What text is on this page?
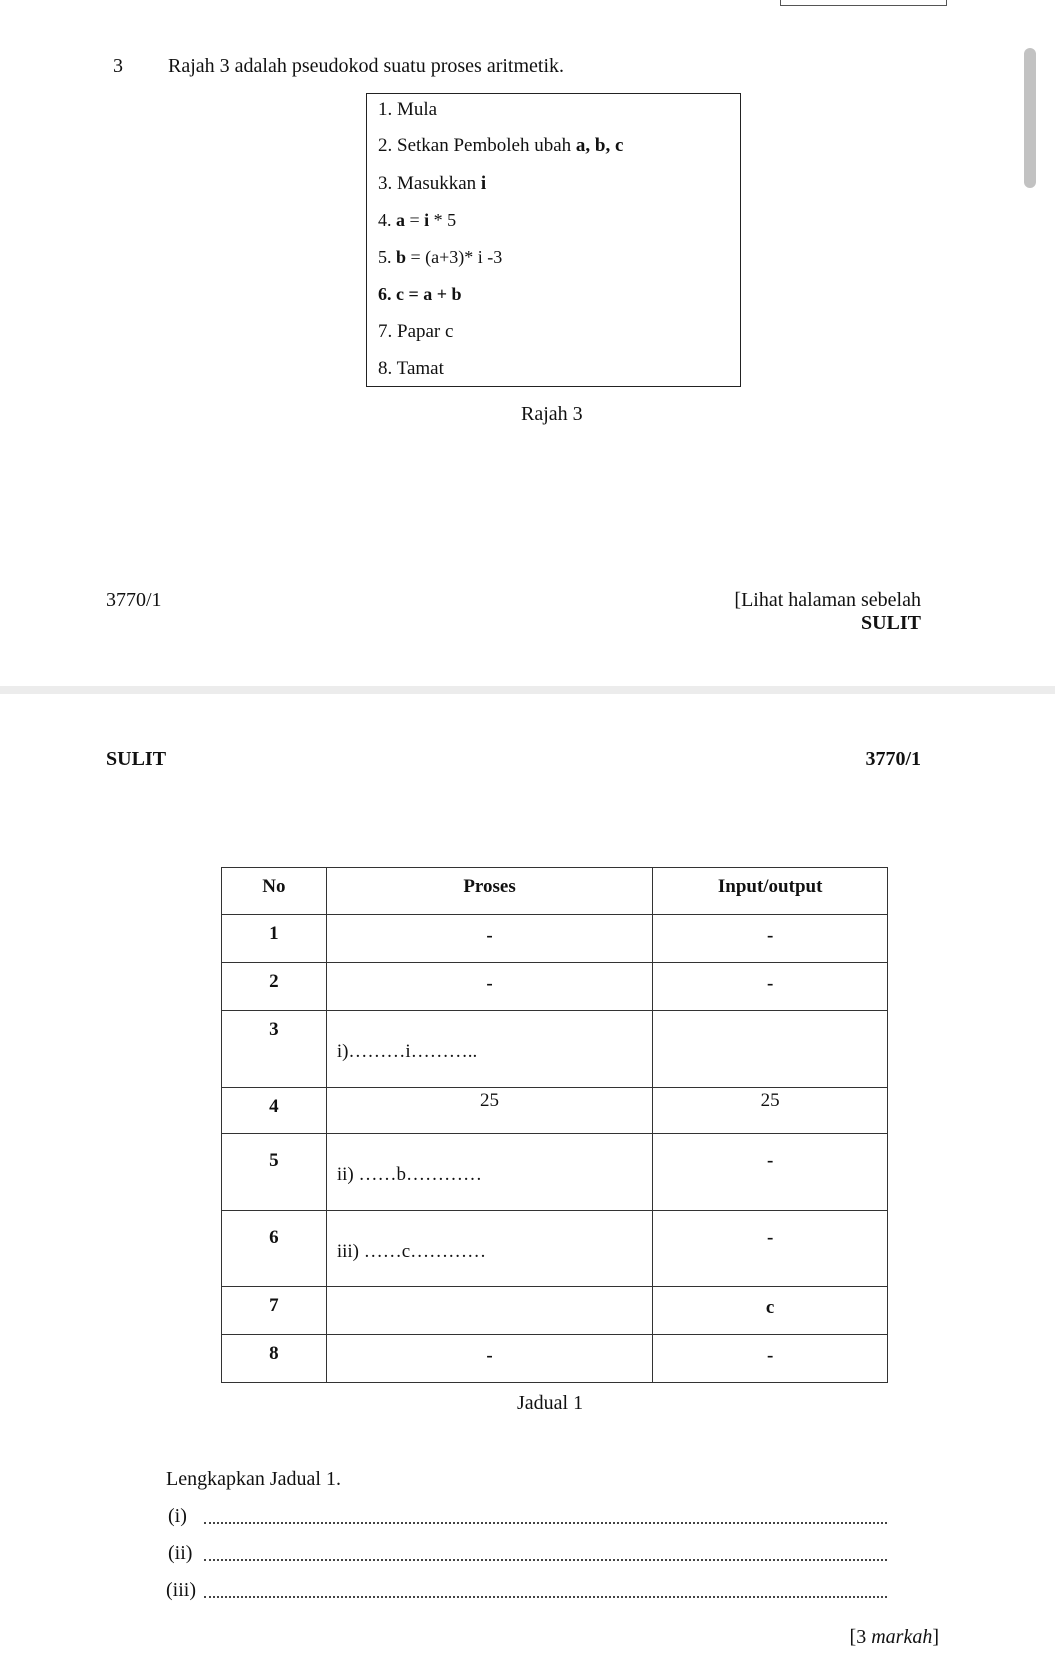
3 Rajah 3 adalah pseudokod suatu proses aritmetik.
1. Mula
2. Setkan Pemboleh ubah a, b, c
3. Masukkan i
4. a = i * 5
5. b = (a+3)* i -3
6. c = a + b
7. Papar c
8. Tamat
Rajah 3
3770/1	[Lihat halaman sebelah
SULIT
SULIT	3770/1
No	Proses	Input/output
1	-	-
2	-	-
3	i)………i………..	
4	25	25
5	ii) ……b…………	-
6	iii) ……c…………	-
7		c
8	-	-
Jadual 1
Lengkapkan Jadual 1.
(i)
(ii)
(iii)
[3 markah]
